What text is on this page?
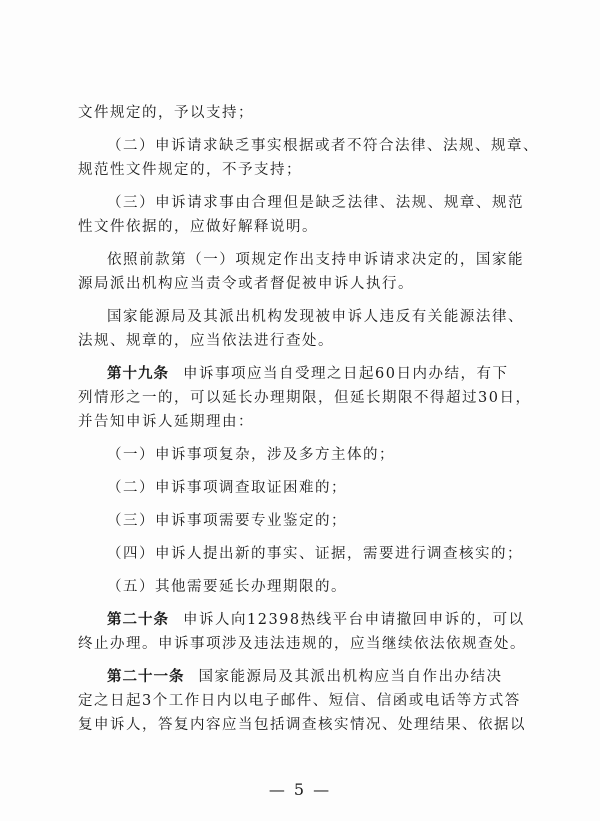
文件规定的，予以支持；
（二）申诉请求缺乏事实根据或者不符合法律、法规、规章、
规范性文件规定的，不予支持；
（三）申诉请求事由合理但是缺乏法律、法规、规章、规范
性文件依据的，应做好解释说明。
依照前款第（一）项规定作出支持申诉请求决定的，国家能
源局派出机构应当责令或者督促被申诉人执行。
国家能源局及其派出机构发现被申诉人违反有关能源法律、
法规、规章的，应当依法进行查处。
第十九条 申诉事项应当自受理之日起60日内办结，有下
列情形之一的，可以延长办理期限，但延长期限不得超过30日，
并告知申诉人延期理由：
（一）申诉事项复杂，涉及多方主体的；
（二）申诉事项调查取证困难的；
（三）申诉事项需要专业鉴定的；
（四）申诉人提出新的事实、证据，需要进行调查核实的；
（五）其他需要延长办理期限的。
第二十条 申诉人向12398热线平台申请撤回申诉的，可以
终止办理。申诉事项涉及违法违规的，应当继续依法依规查处。
第二十一条 国家能源局及其派出机构应当自作出办结决
定之日起3个工作日内以电子邮件、短信、信函或电话等方式答
复申诉人，答复内容应当包括调查核实情况、处理结果、依据以
— 5 —
